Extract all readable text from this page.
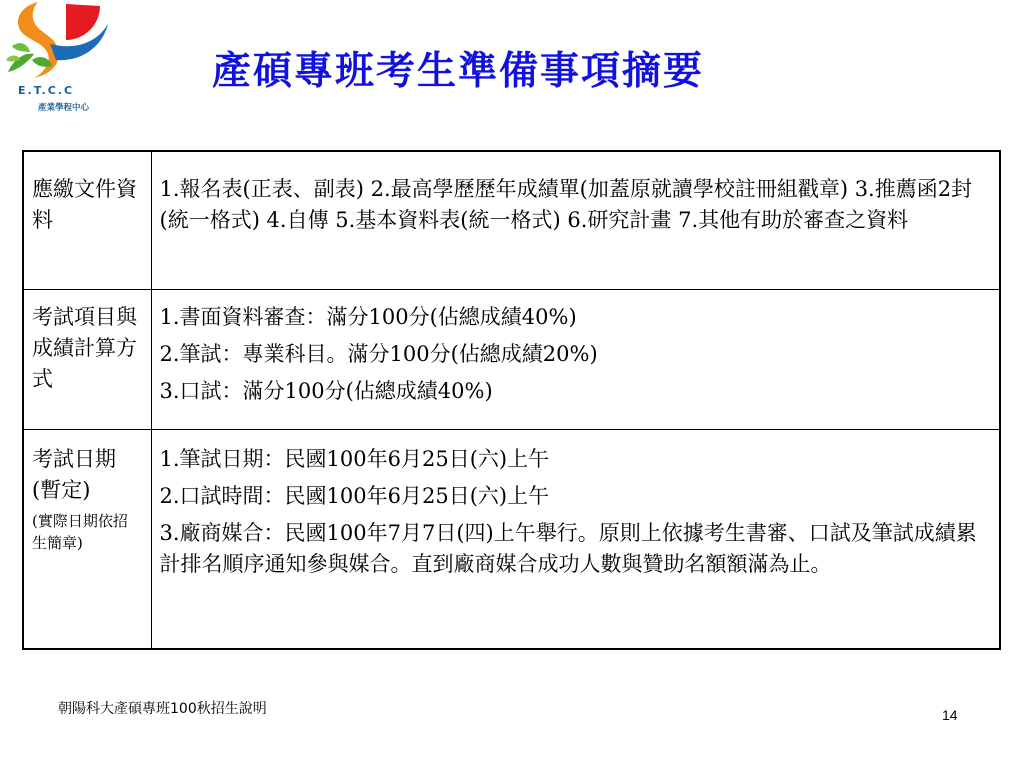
E.T.C.C
產業學程中心
產碩專班考生準備事項摘要
應繳文件資料	1.報名表(正表、副表) 2.最高學歷歷年成績單(加蓋原就讀學校註冊組戳章) 3.推薦函2封(統一格式) 4.自傳 5.基本資料表(統一格式) 6.研究計畫 7.其他有助於審查之資料

考試項目與成績計算方式	1.書面資料審查：滿分100分(佔總成績40%)
2.筆試：專業科目。滿分100分(佔總成績20%)
3.口試：滿分100分(佔總成績40%)

考試日期(暫定)
(實際日期依招生簡章)	1.筆試日期：民國100年6月25日(六)上午
2.口試時間：民國100年6月25日(六)上午
3.廠商媒合：民國100年7月7日(四)上午舉行。原則上依據考生書審、口試及筆試成績累計排名順序通知參與媒合。直到廠商媒合成功人數與贊助名額額滿為止。
朝陽科大產碩專班100秋招生說明	14
